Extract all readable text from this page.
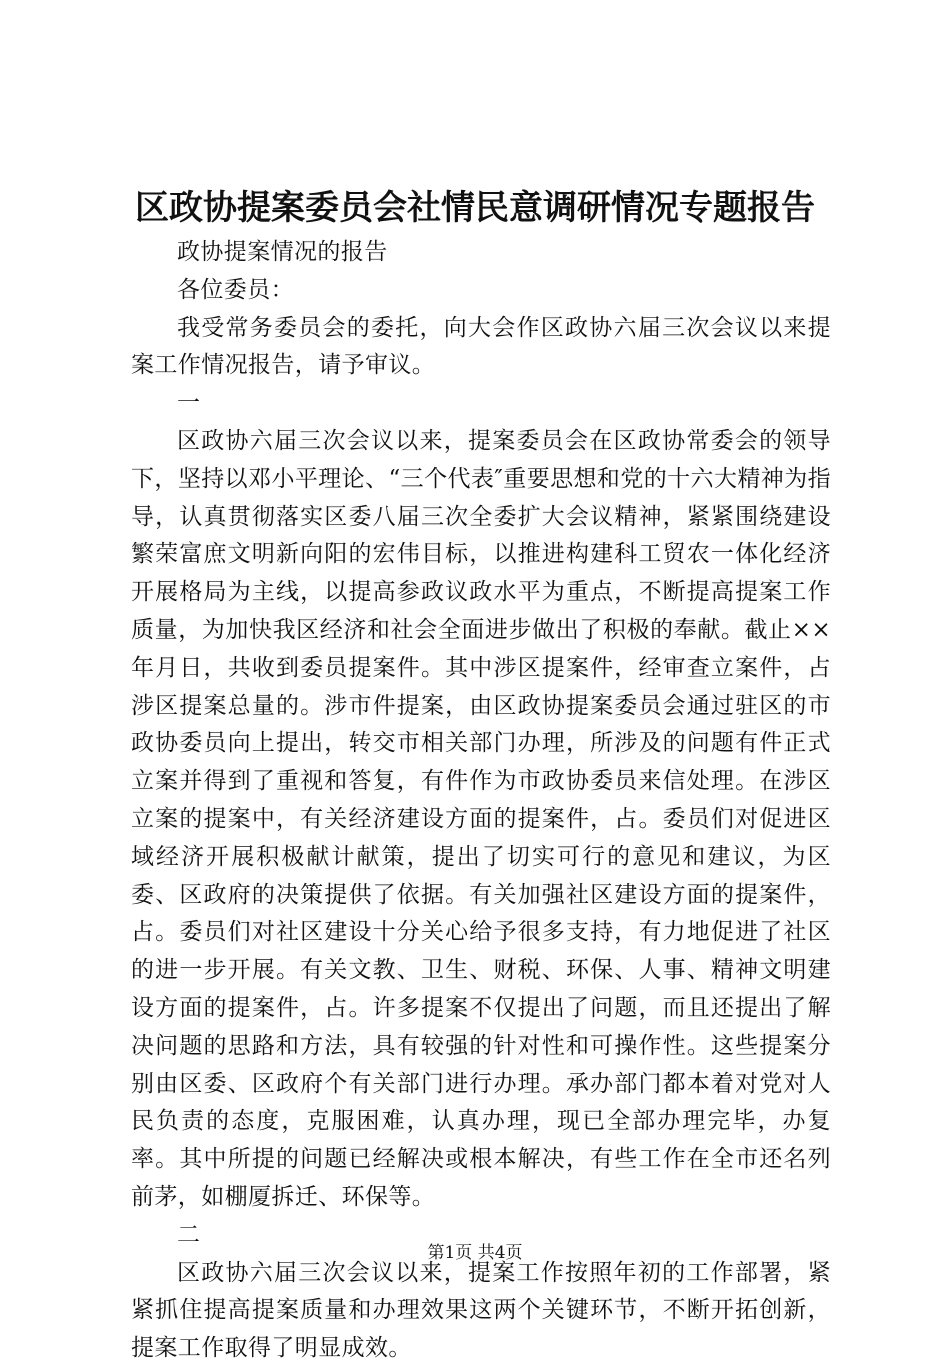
区政协提案委员会社情民意调研情况专题报告

政协提案情况的报告

各位委员：

我受常务委员会的委托，向大会作区政协六届三次会议以来提案工作情况报告，请予审议。

一

区政协六届三次会议以来，提案委员会在区政协常委会的领导下，坚持以邓小平理论、“三个代表″重要思想和党的十六大精神为指导，认真贯彻落实区委八届三次全委扩大会议精神，紧紧围绕建设繁荣富庶文明新向阳的宏伟目标，以推进构建科工贸农一体化经济开展格局为主线，以提高参政议政水平为重点，不断提高提案工作质量，为加快我区经济和社会全面进步做出了积极的奉献。截止××年月日，共收到委员提案件。其中涉区提案件，经审查立案件，占涉区提案总量的。涉市件提案，由区政协提案委员会通过驻区的市政协委员向上提出，转交市相关部门办理，所涉及的问题有件正式立案并得到了重视和答复，有件作为市政协委员来信处理。在涉区立案的提案中，有关经济建设方面的提案件，占。委员们对促进区域经济开展积极献计献策，提出了切实可行的意见和建议，为区委、区政府的决策提供了依据。有关加强社区建设方面的提案件，占。委员们对社区建设十分关心给予很多支持，有力地促进了社区的进一步开展。有关文教、卫生、财税、环保、人事、精神文明建设方面的提案件，占。许多提案不仅提出了问题，而且还提出了解决问题的思路和方法，具有较强的针对性和可操作性。这些提案分别由区委、区政府个有关部门进行办理。承办部门都本着对党对人民负责的态度，克服困难，认真办理，现已全部办理完毕，办复率。其中所提的问题已经解决或根本解决，有些工作在全市还名列前茅，如棚厦拆迁、环保等。

二

区政协六届三次会议以来，提案工作按照年初的工作部署，紧紧抓住提高提案质量和办理效果这两个关键环节，不断开拓创新，提案工作取得了明显成效。

第1页 共4页
